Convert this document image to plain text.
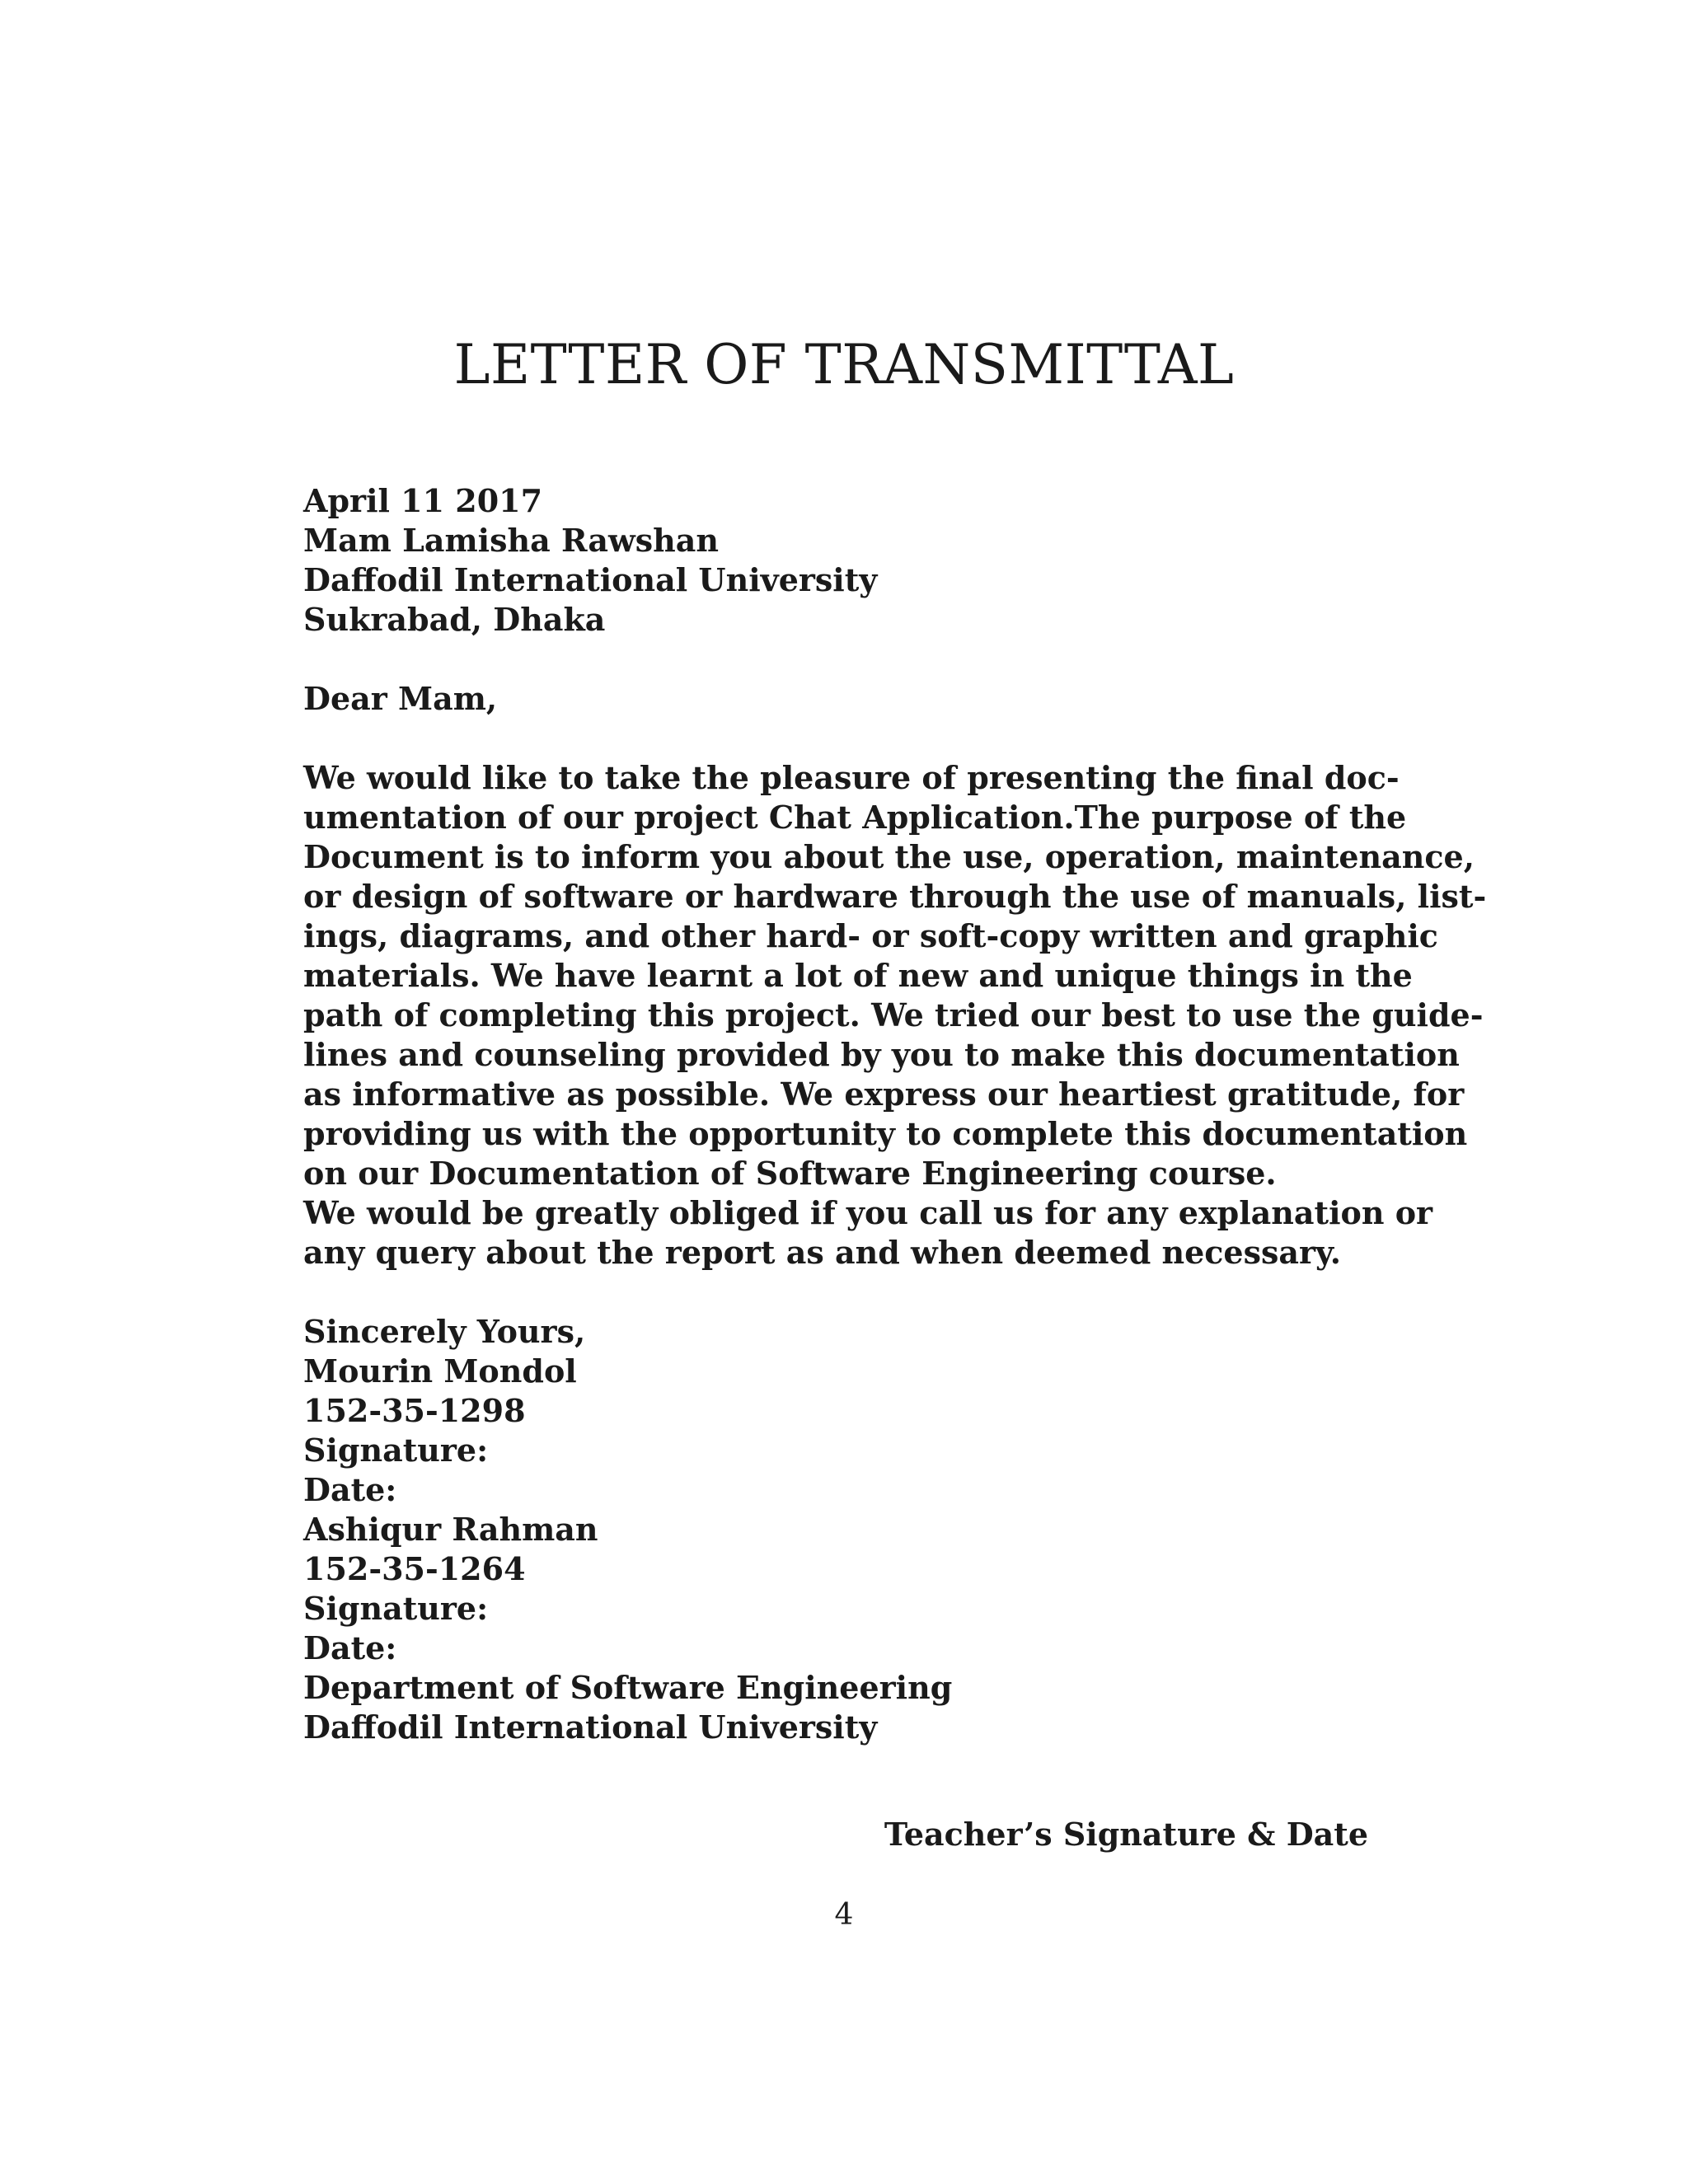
LETTER OF TRANSMITTAL
April 11 2017
Mam Lamisha Rawshan
Daffodil International University
Sukrabad, Dhaka
Dear Mam,
We would like to take the pleasure of presenting the final doc-
umentation of our project Chat Application.The purpose of the
Document is to inform you about the use, operation, maintenance,
or design of software or hardware through the use of manuals, list-
ings, diagrams, and other hard- or soft-copy written and graphic
materials. We have learnt a lot of new and unique things in the
path of completing this project. We tried our best to use the guide-
lines and counseling provided by you to make this documentation
as informative as possible. We express our heartiest gratitude, for
providing us with the opportunity to complete this documentation
on our Documentation of Software Engineering course.
We would be greatly obliged if you call us for any explanation or
any query about the report as and when deemed necessary.
Sincerely Yours,
Mourin Mondol
152-35-1298
Signature:
Date:
Ashiqur Rahman
152-35-1264
Signature:
Date:
Department of Software Engineering
Daffodil International University
Teacher’s Signature & Date
4
